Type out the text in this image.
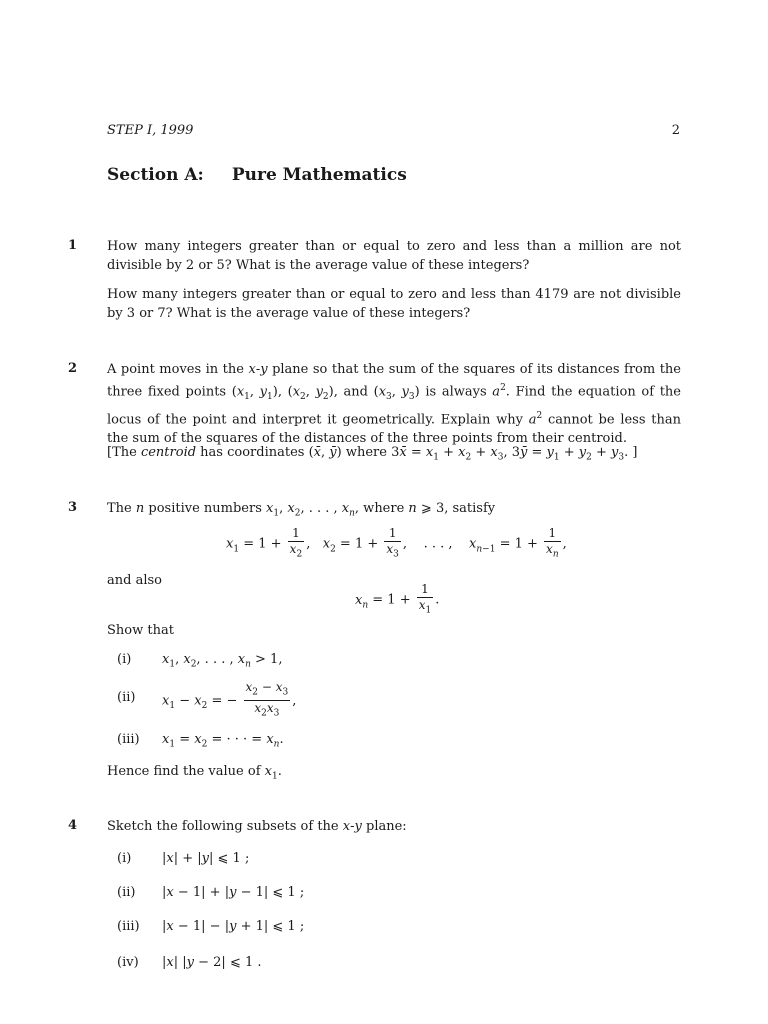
STEP I, 1999	2
Section A: Pure Mathematics
1 How many integers greater than or equal to zero and less than a million are not divisible by 2 or 5? What is the average value of these integers?
How many integers greater than or equal to zero and less than 4179 are not divisible by 3 or 7? What is the average value of these integers?
2 A point moves in the x-y plane so that the sum of the squares of its distances from the three fixed points ($x_1$, $y_1$), ($x_2$, $y_2$), and ($x_3$, $y_3$) is always $a^2$. Find the equation of the locus of the point and interpret it geometrically. Explain why $a^2$ cannot be less than the sum of the squares of the distances of the three points from their centroid.
[The centroid has coordinates (x̄, ȳ) where 3x̄ = $x_1 + x_2 + x_3$, 3ȳ = $y_1 + y_2 + y_3$. ]
3 The n positive numbers $x_1$, $x_2$, . . . , $x_n$, where n ⩾ 3, satisfy
$x_1 = 1 + \frac{1}{x_2}$ ,   $x_2 = 1 + \frac{1}{x_3}$ ,    . . . ,    $x_{n-1} = 1 + \frac{1}{x_n}$ ,
and also
$x_n = 1 + \frac{1}{x_1}$ .
Show that
(i) $x_1$, $x_2$, . . . , $x_n > 1$,
(ii) $x_1 - x_2$ = − $\frac{x_2 - x_3}{x_2x_3}$ ,
(iii) $x_1 = x_2$ = · · · = $x_n$.
Hence find the value of $x_1$.
4 Sketch the following subsets of the x-y plane:
(i) |x| + |y| ⩽ 1 ;
(ii) |x − 1| + |y − 1| ⩽ 1 ;
(iii) |x − 1| − |y + 1| ⩽ 1 ;
(iv) |x| |y − 2| ⩽ 1 .
